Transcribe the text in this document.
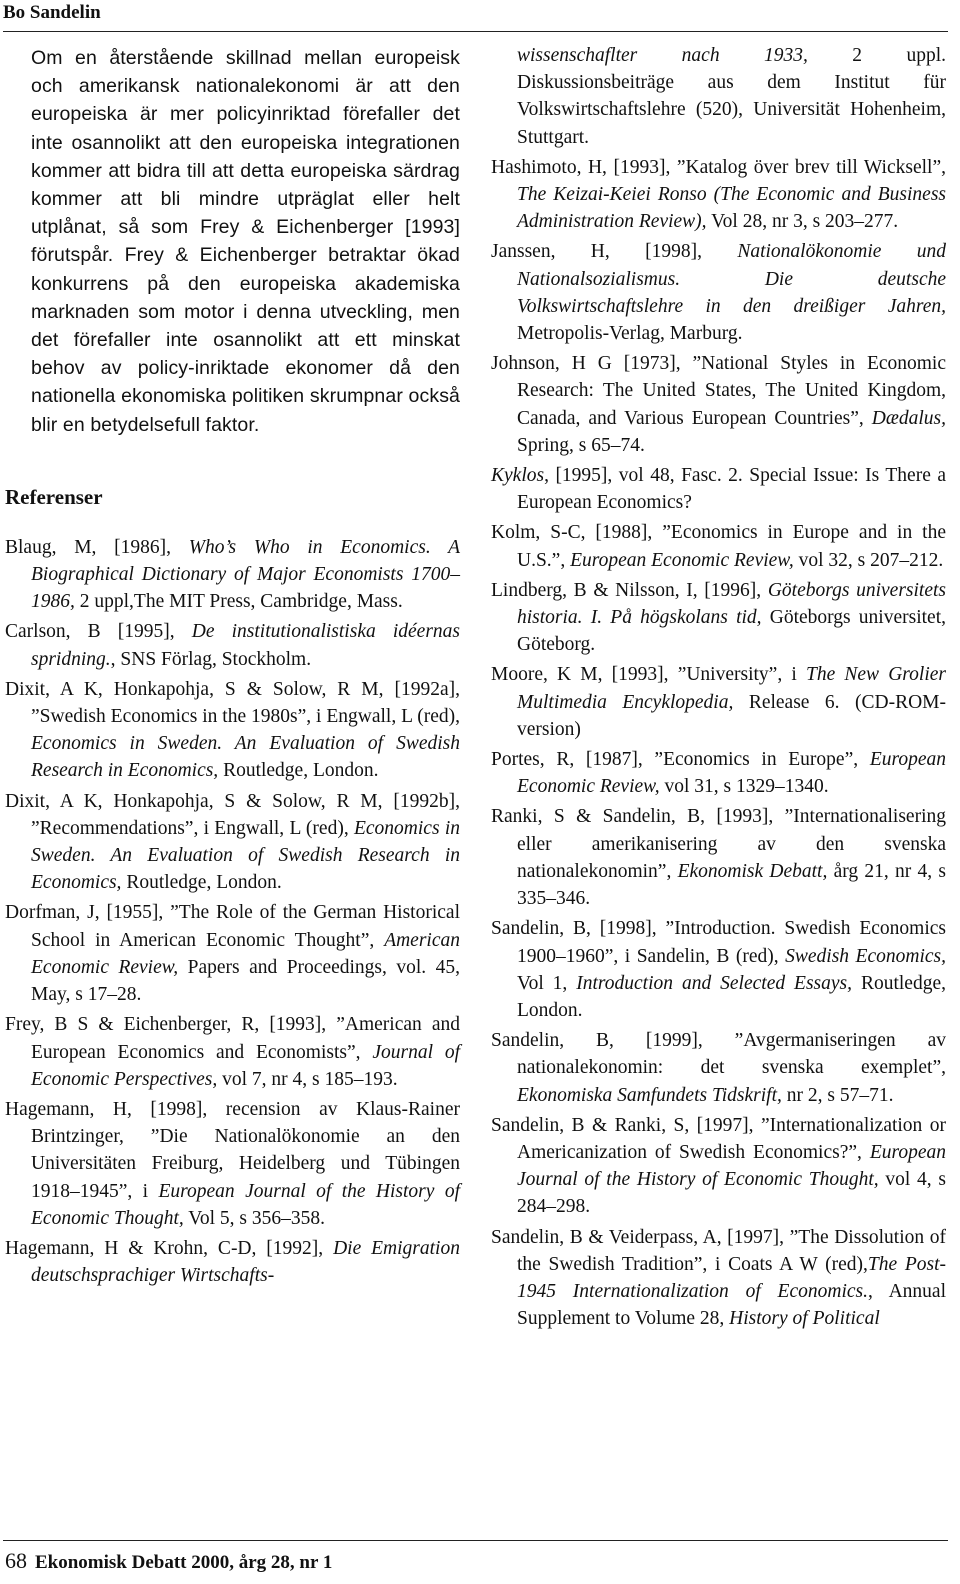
Bo Sandelin

Om en återstående skillnad mellan europeisk och amerikansk nationalekonomi är att den europeiska är mer policyinriktad förefaller det inte osannolikt att den europeiska integrationen kommer att bidra till att detta europeiska särdrag kommer att bli mindre utpräglat eller helt utplånat, så som Frey & Eichenberger [1993] förutspår. Frey & Eichenberger betraktar ökad konkurrens på den europeiska akademiska marknaden som motor i denna utveckling, men det förefaller inte osannolikt att ett minskat behov av policy-inriktade ekonomer då den nationella ekonomiska politiken skrumpnar också blir en betydelsefull faktor.

Referenser

Blaug, M, [1986], Who’s Who in Economics. A Biographical Dictionary of Major Economists 1700–1986, 2 uppl,The MIT Press, Cambridge, Mass.

Carlson, B [1995], De institutionalistiska idéernas spridning., SNS Förlag, Stockholm.

Dixit, A K, Honkapohja, S & Solow, R M, [1992a], ”Swedish Economics in the 1980s”, i Engwall, L (red), Economics in Sweden. An Evaluation of Swedish Research in Economics, Routledge, London.

Dixit, A K, Honkapohja, S & Solow, R M, [1992b], ”Recommendations”, i Engwall, L (red), Economics in Sweden. An Evaluation of Swedish Research in Economics, Routledge, London.

Dorfman, J, [1955], ”The Role of the German Historical School in American Economic Thought”, American Economic Review, Papers and Proceedings, vol. 45, May, s 17–28.

Frey, B S & Eichenberger, R, [1993], ”American and European Economics and Economists”, Journal of Economic Perspectives, vol 7, nr 4, s 185–193.

Hagemann, H, [1998], recension av Klaus-Rainer Brintzinger, ”Die Nationalökonomie an den Universitäten Freiburg, Heidelberg und Tübingen 1918–1945”, i European Journal of the History of Economic Thought, Vol 5, s 356–358.

Hagemann, H & Krohn, C-D, [1992], Die Emigration deutschsprachiger Wirtschafts-

wissenschaflter nach 1933, 2 uppl. Diskussionsbeiträge aus dem Institut für Volkswirtschaftslehre (520), Universität Hohenheim, Stuttgart.

Hashimoto, H, [1993], ”Katalog över brev till Wicksell”, The Keizai-Keiei Ronso (The Economic and Business Administration Review), Vol 28, nr 3, s 203–277.

Janssen, H, [1998], Nationalökonomie und Nationalsozialismus. Die deutsche Volkswirtschaftslehre in den dreißiger Jahren, Metropolis-Verlag, Marburg.

Johnson, H G [1973], ”National Styles in Economic Research: The United States, The United Kingdom, Canada, and Various European Countries”, Dædalus, Spring, s 65–74.

Kyklos, [1995], vol 48, Fasc. 2. Special Issue: Is There a European Economics?

Kolm, S-C, [1988], ”Economics in Europe and in the U.S.”, European Economic Review, vol 32, s 207–212.

Lindberg, B & Nilsson, I, [1996], Göteborgs universitets historia. I. På högskolans tid, Göteborgs universitet, Göteborg.

Moore, K M, [1993], ”University”, i The New Grolier Multimedia Encyklopedia, Release 6. (CD-ROM-version)

Portes, R, [1987], ”Economics in Europe”, European Economic Review, vol 31, s 1329–1340.

Ranki, S & Sandelin, B, [1993], ”Internationalisering eller amerikanisering av den svenska nationalekonomin”, Ekonomisk Debatt, årg 21, nr 4, s 335–346.

Sandelin, B, [1998], ”Introduction. Swedish Economics 1900–1960”, i Sandelin, B (red), Swedish Economics, Vol 1, Introduction and Selected Essays, Routledge, London.

Sandelin, B, [1999], ”Avgermaniseringen av nationalekonomin: det svenska exemplet”, Ekonomiska Samfundets Tidskrift, nr 2, s 57–71.

Sandelin, B & Ranki, S, [1997], ”Internationalization or Americanization of Swedish Economics?”, European Journal of the History of Economic Thought, vol 4, s 284–298.

Sandelin, B & Veiderpass, A, [1997], ”The Dissolution of the Swedish Tradition”, i Coats A W (red),The Post-1945 Internationalization of Economics., Annual Supplement to Volume 28, History of Political

68 Ekonomisk Debatt 2000, årg 28, nr 1
